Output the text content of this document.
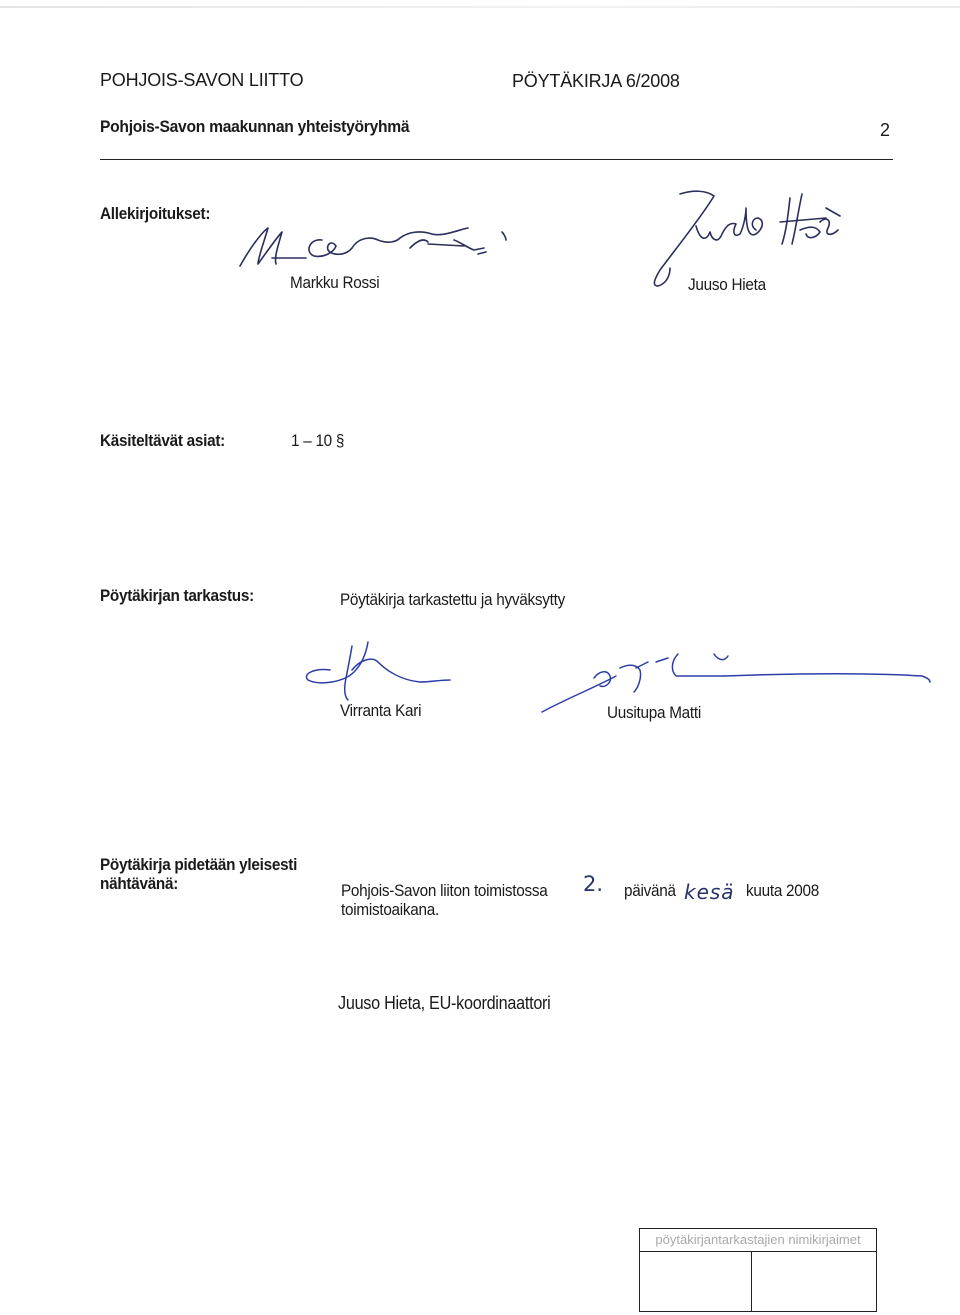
POHJOIS-SAVON LIITTO	PÖYTÄKIRJA 6/2008
Pohjois-Savon maakunnan yhteistyöryhmä	2
Allekirjoitukset:
Markku Rossi	Juuso Hieta
Käsiteltävät asiat:	1 – 10 §
Pöytäkirjan tarkastus:	Pöytäkirja tarkastettu ja hyväksytty
Virranta Kari	Uusitupa Matti
Pöytäkirja pidetään yleisesti
nähtävänä:	Pohjois-Savon liiton toimistossa 2. päivänä kesä kuuta 2008
toimistoaikana.
Juuso Hieta, EU-koordinaattori
pöytäkirjantarkastajien nimikirjaimet
